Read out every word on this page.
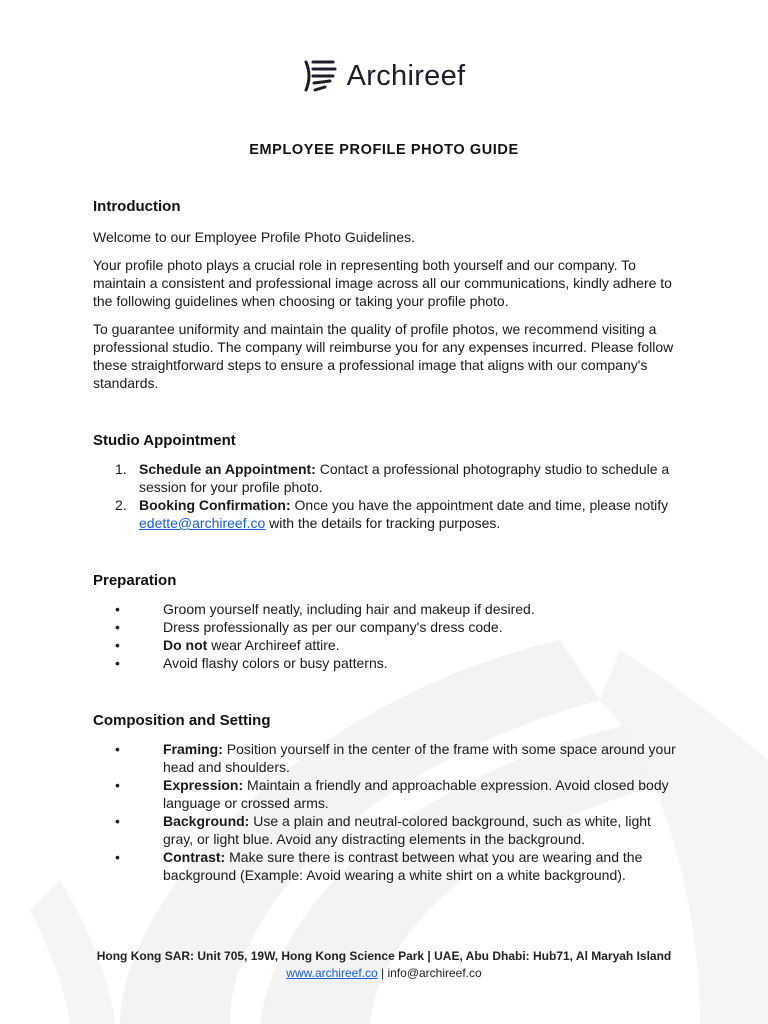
Archireef
EMPLOYEE PROFILE PHOTO GUIDE
Introduction

Welcome to our Employee Profile Photo Guidelines.

Your profile photo plays a crucial role in representing both yourself and our company. To maintain a consistent and professional image across all our communications, kindly adhere to the following guidelines when choosing or taking your profile photo.

To guarantee uniformity and maintain the quality of profile photos, we recommend visiting a professional studio. The company will reimburse you for any expenses incurred. Please follow these straightforward steps to ensure a professional image that aligns with our company's standards.

Studio Appointment
1. Schedule an Appointment: Contact a professional photography studio to schedule a session for your profile photo.
2. Booking Confirmation: Once you have the appointment date and time, please notify edette@archireef.co with the details for tracking purposes.
Preparation
•	Groom yourself neatly, including hair and makeup if desired.
•	Dress professionally as per our company's dress code.
•	Do not wear Archireef attire.
•	Avoid flashy colors or busy patterns.
Composition and Setting
•	Framing: Position yourself in the center of the frame with some space around your head and shoulders.
•	Expression: Maintain a friendly and approachable expression. Avoid closed body language or crossed arms.
•	Background: Use a plain and neutral-colored background, such as white, light gray, or light blue. Avoid any distracting elements in the background.
•	Contrast: Make sure there is contrast between what you are wearing and the background (Example: Avoid wearing a white shirt on a white background).
Hong Kong SAR: Unit 705, 19W, Hong Kong Science Park | UAE, Abu Dhabi: Hub71, Al Maryah Island
www.archireef.co | info@archireef.co
